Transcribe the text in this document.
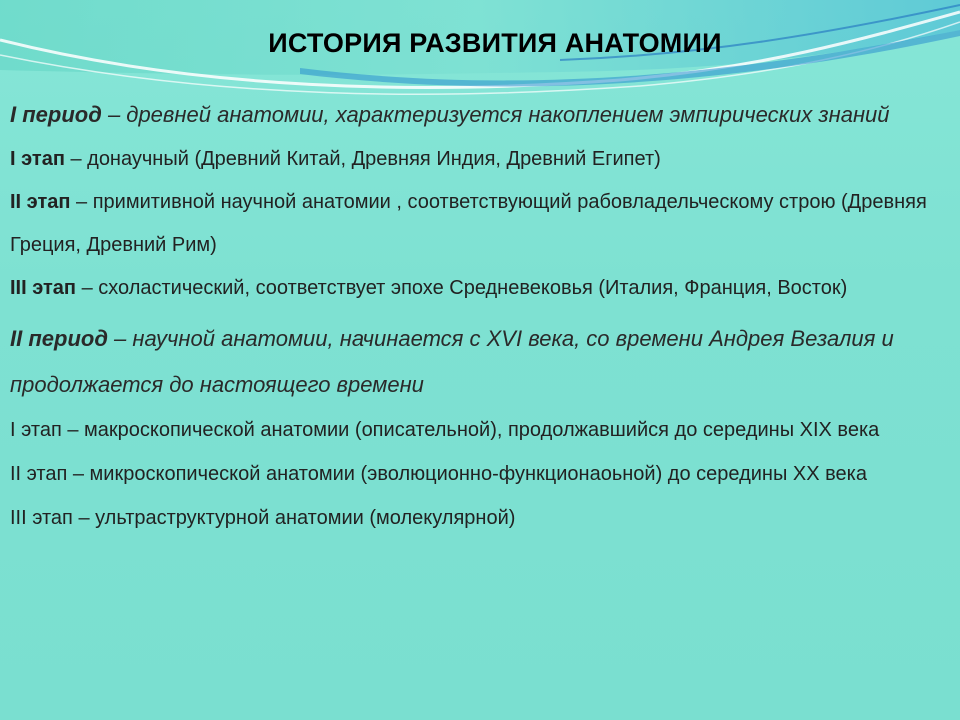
ИСТОРИЯ РАЗВИТИЯ АНАТОМИИ

I период – древней анатомии, характеризуется накоплением эмпирических знаний

I этап – донаучный (Древний Китай, Древняя Индия, Древний Египет)

II этап – примитивной научной анатомии , соответствующий рабовладельческому строю (Древняя Греция, Древний Рим)

III этап – схоластический, соответствует эпохе Средневековья (Италия, Франция, Восток)

II период – научной анатомии, начинается с XVI века, со времени Андрея Везалия и продолжается до настоящего времени

I этап – макроскопической анатомии (описательной), продолжавшийся до середины XIX века

II этап – микроскопической анатомии (эволюционно-функционаоьной) до середины XX века

III этап – ультраструктурной анатомии (молекулярной)
